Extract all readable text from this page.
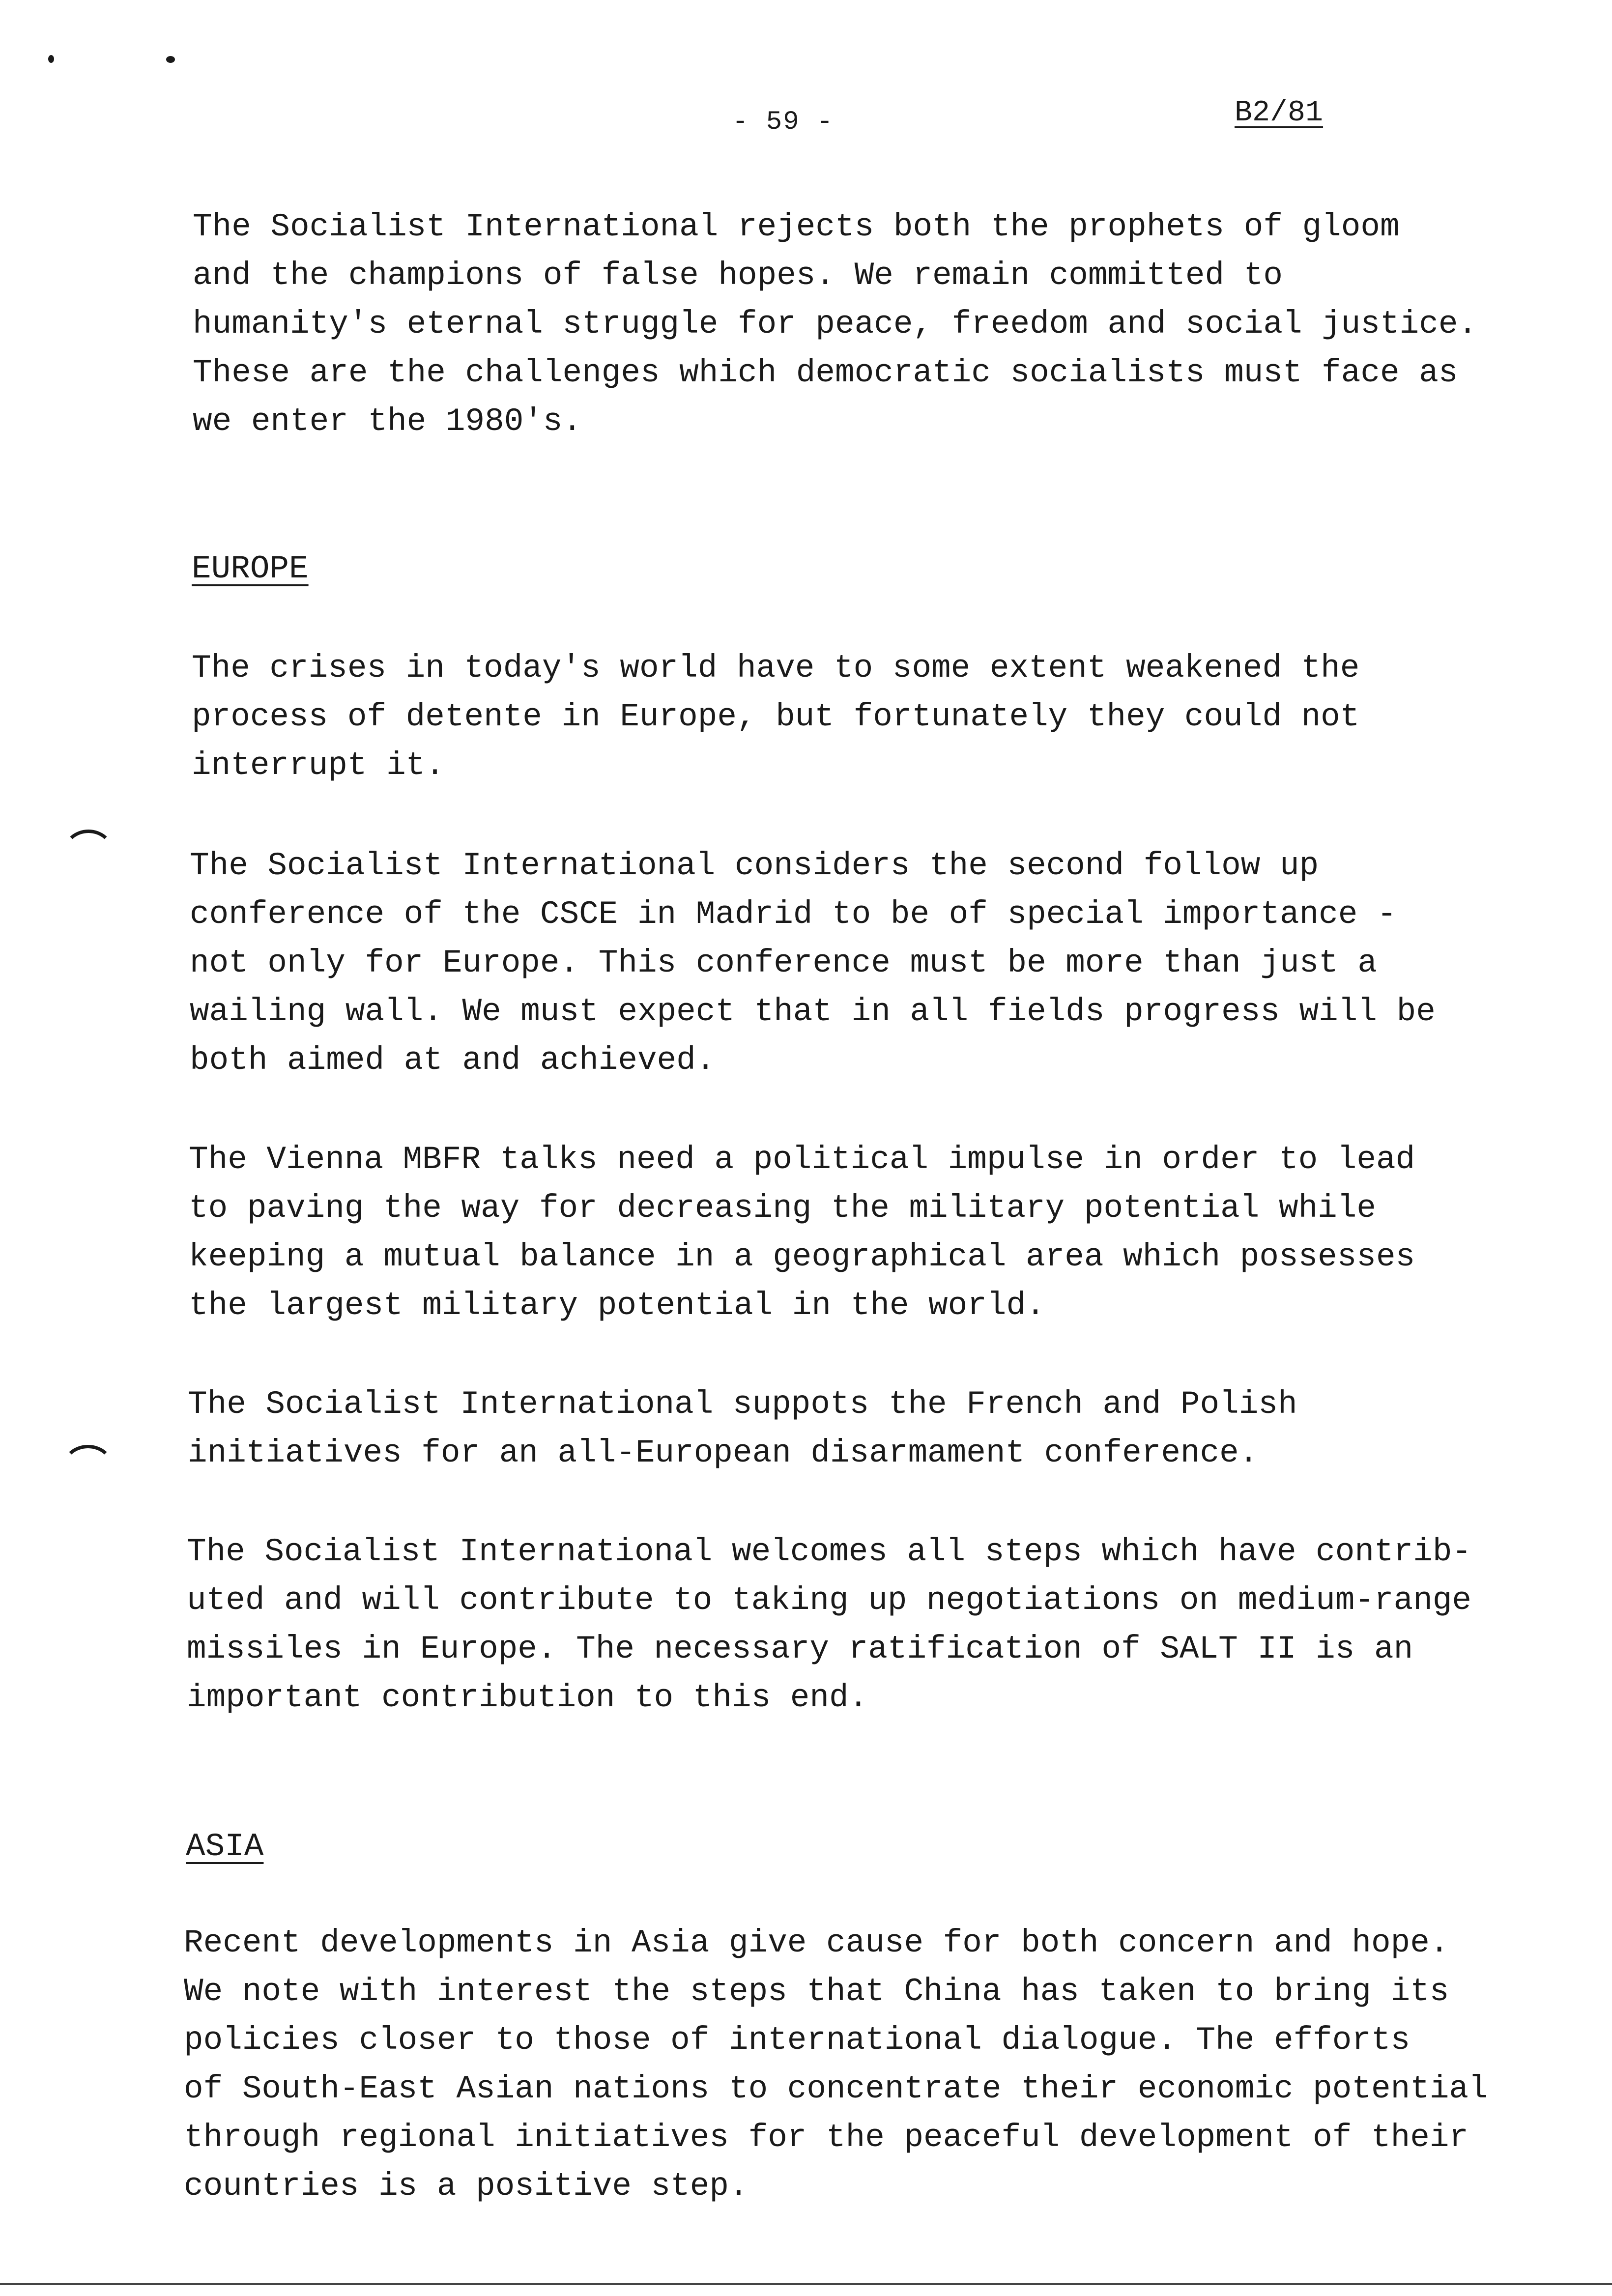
- 59 -	B2/81

The Socialist International rejects both the prophets of gloom
and the champions of false hopes. We remain committed to
humanity's eternal struggle for peace, freedom and social justice.
These are the challenges which democratic socialists must face as
we enter the 1980's.

EUROPE

The crises in today's world have to some extent weakened the
process of detente in Europe, but fortunately they could not
interrupt it.

The Socialist International considers the second follow up
conference of the CSCE in Madrid to be of special importance -
not only for Europe. This conference must be more than just a
wailing wall. We must expect that in all fields progress will be
both aimed at and achieved.

The Vienna MBFR talks need a political impulse in order to lead
to paving the way for decreasing the military potential while
keeping a mutual balance in a geographical area which possesses
the largest military potential in the world.

The Socialist International suppots the French and Polish
initiatives for an all-European disarmament conference.

The Socialist International welcomes all steps which have contrib-
uted and will contribute to taking up negotiations on medium-range
missiles in Europe. The necessary ratification of SALT II is an
important contribution to this end.

ASIA

Recent developments in Asia give cause for both concern and hope.
We note with interest the steps that China has taken to bring its
policies closer to those of international dialogue. The efforts
of South-East Asian nations to concentrate their economic potential
through regional initiatives for the peaceful development of their
countries is a positive step.
